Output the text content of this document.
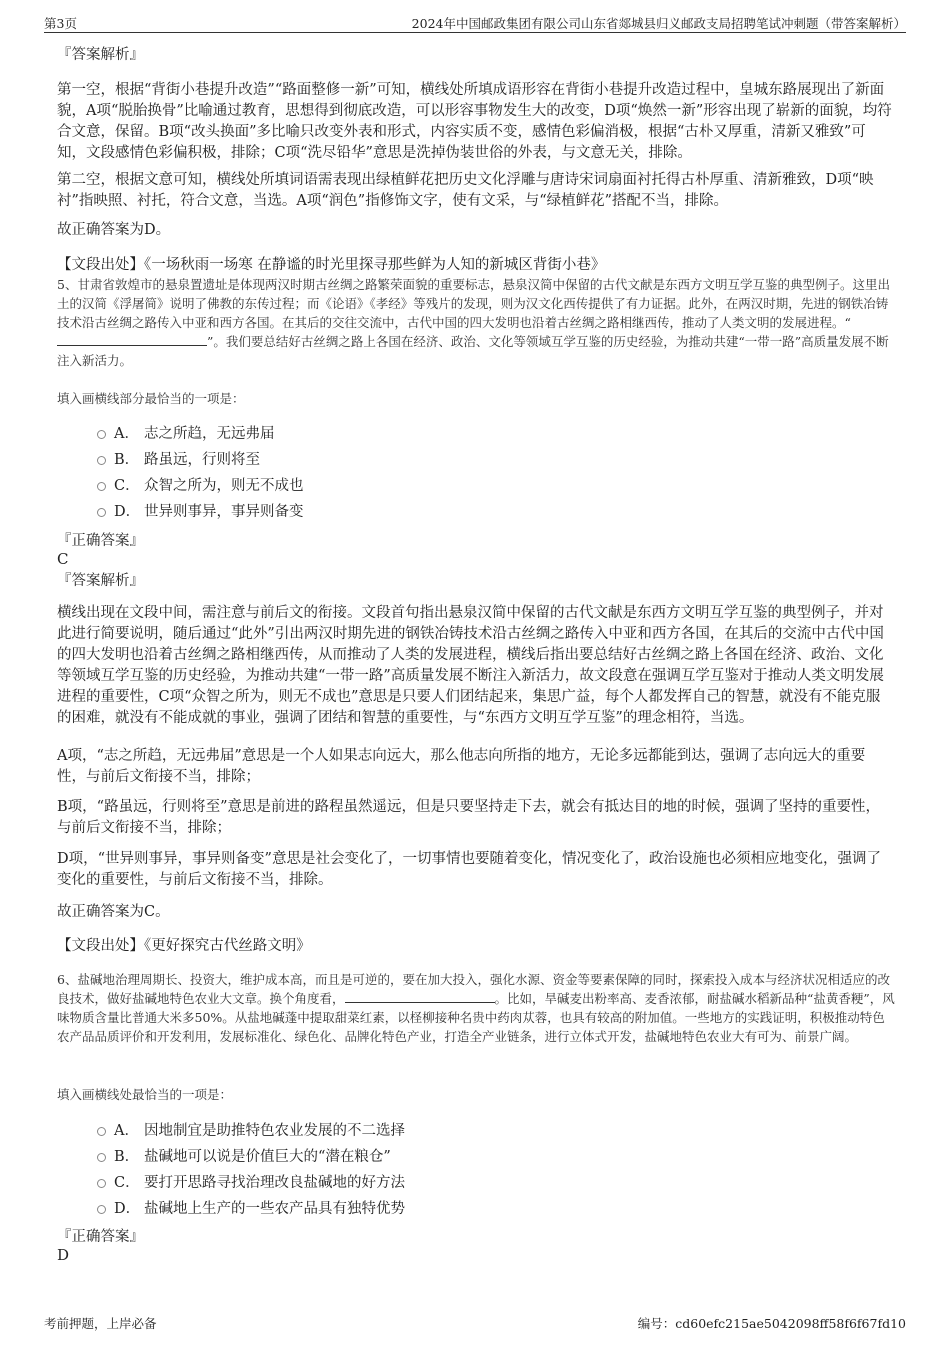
第3页	2024年中国邮政集团有限公司山东省郯城县归义邮政支局招聘笔试冲刺题（带答案解析）
『答案解析』

第一空，根据“背街小巷提升改造”“路面整修一新”可知，横线处所填成语形容在背街小巷提升改造过程中，皇城东路展现出了新面貌，A项“脱胎换骨”比喻通过教育，思想得到彻底改造，可以形容事物发生大的改变，D项“焕然一新”形容出现了崭新的面貌，均符合文意，保留。B项“改头换面”多比喻只改变外表和形式，内容实质不变，感情色彩偏消极，根据“古朴又厚重，清新又雅致”可知，文段感情色彩偏积极，排除；C项“洗尽铅华”意思是洗掉伪装世俗的外表，与文意无关，排除。

第二空，根据文意可知，横线处所填词语需表现出绿植鲜花把历史文化浮雕与唐诗宋词扇面衬托得古朴厚重、清新雅致，D项“映衬”指映照、衬托，符合文意，当选。A项“润色”指修饰文字，使有文采，与“绿植鲜花”搭配不当，排除。

故正确答案为D。

【文段出处】《一场秋雨一场寒 在静谧的时光里探寻那些鲜为人知的新城区背街小巷》

5、甘肃省敦煌市的悬泉置遗址是体现两汉时期古丝绸之路繁荣面貌的重要标志，悬泉汉简中保留的古代文献是东西方文明互学互鉴的典型例子。这里出土的汉简《浮屠简》说明了佛教的东传过程；而《论语》《孝经》等残片的发现，则为汉文化西传提供了有力证据。此外，在两汉时期，先进的钢铁冶铸技术沿古丝绸之路传入中亚和西方各国。在其后的交往交流中，古代中国的四大发明也沿着古丝绸之路相继西传，推动了人类文明的发展进程。“”。我们要总结好古丝绸之路上各国在经济、政治、文化等领域互学互鉴的历史经验，为推动共建“一带一路”高质量发展不断注入新活力。

填入画横线部分最恰当的一项是：
A． 志之所趋，无远弗届
B． 路虽远，行则将至
C． 众智之所为，则无不成也
D． 世异则事异，事异则备变
『正确答案』
C
『答案解析』

横线出现在文段中间，需注意与前后文的衔接。文段首句指出悬泉汉简中保留的古代文献是东西方文明互学互鉴的典型例子，并对此进行简要说明，随后通过“此外”引出两汉时期先进的钢铁冶铸技术沿古丝绸之路传入中亚和西方各国，在其后的交流中古代中国的四大发明也沿着古丝绸之路相继西传，从而推动了人类的发展进程，横线后指出要总结好古丝绸之路上各国在经济、政治、文化等领域互学互鉴的历史经验，为推动共建“一带一路”高质量发展不断注入新活力，故文段意在强调互学互鉴对于推动人类文明发展进程的重要性，C项“众智之所为，则无不成也”意思是只要人们团结起来，集思广益，每个人都发挥自己的智慧，就没有不能克服的困难，就没有不能成就的事业，强调了团结和智慧的重要性，与“东西方文明互学互鉴”的理念相符，当选。

A项，“志之所趋，无远弗届”意思是一个人如果志向远大，那么他志向所指的地方，无论多远都能到达，强调了志向远大的重要性，与前后文衔接不当，排除；

B项，“路虽远，行则将至”意思是前进的路程虽然遥远，但是只要坚持走下去，就会有抵达目的地的时候，强调了坚持的重要性，与前后文衔接不当，排除；

D项，“世异则事异，事异则备变”意思是社会变化了，一切事情也要随着变化，情况变化了，政治设施也必须相应地变化，强调了变化的重要性，与前后文衔接不当，排除。

故正确答案为C。

【文段出处】《更好探究古代丝路文明》

6、盐碱地治理周期长、投资大，维护成本高，而且是可逆的，要在加大投入，强化水源、资金等要素保障的同时，探索投入成本与经济状况相适应的改良技术，做好盐碱地特色农业大文章。换个角度看，	。比如，旱碱麦出粉率高、麦香浓郁，耐盐碱水稻新品种“盐黄香粳”，风味物质含量比普通大米多50%。从盐地碱蓬中提取甜菜红素，以柽柳接种名贵中药肉苁蓉，也具有较高的附加值。一些地方的实践证明，积极推动特色农产品品质评价和开发利用，发展标准化、绿色化、品牌化特色产业，打造全产业链条，进行立体式开发，盐碱地特色农业大有可为、前景广阔。

填入画横线处最恰当的一项是：
A． 因地制宜是助推特色农业发展的不二选择
B． 盐碱地可以说是价值巨大的“潜在粮仓”
C． 要打开思路寻找治理改良盐碱地的好方法
D． 盐碱地上生产的一些农产品具有独特优势
『正确答案』
D
考前押题，上岸必备	编号：cd60efc215ae5042098ff58f6f67fd10
